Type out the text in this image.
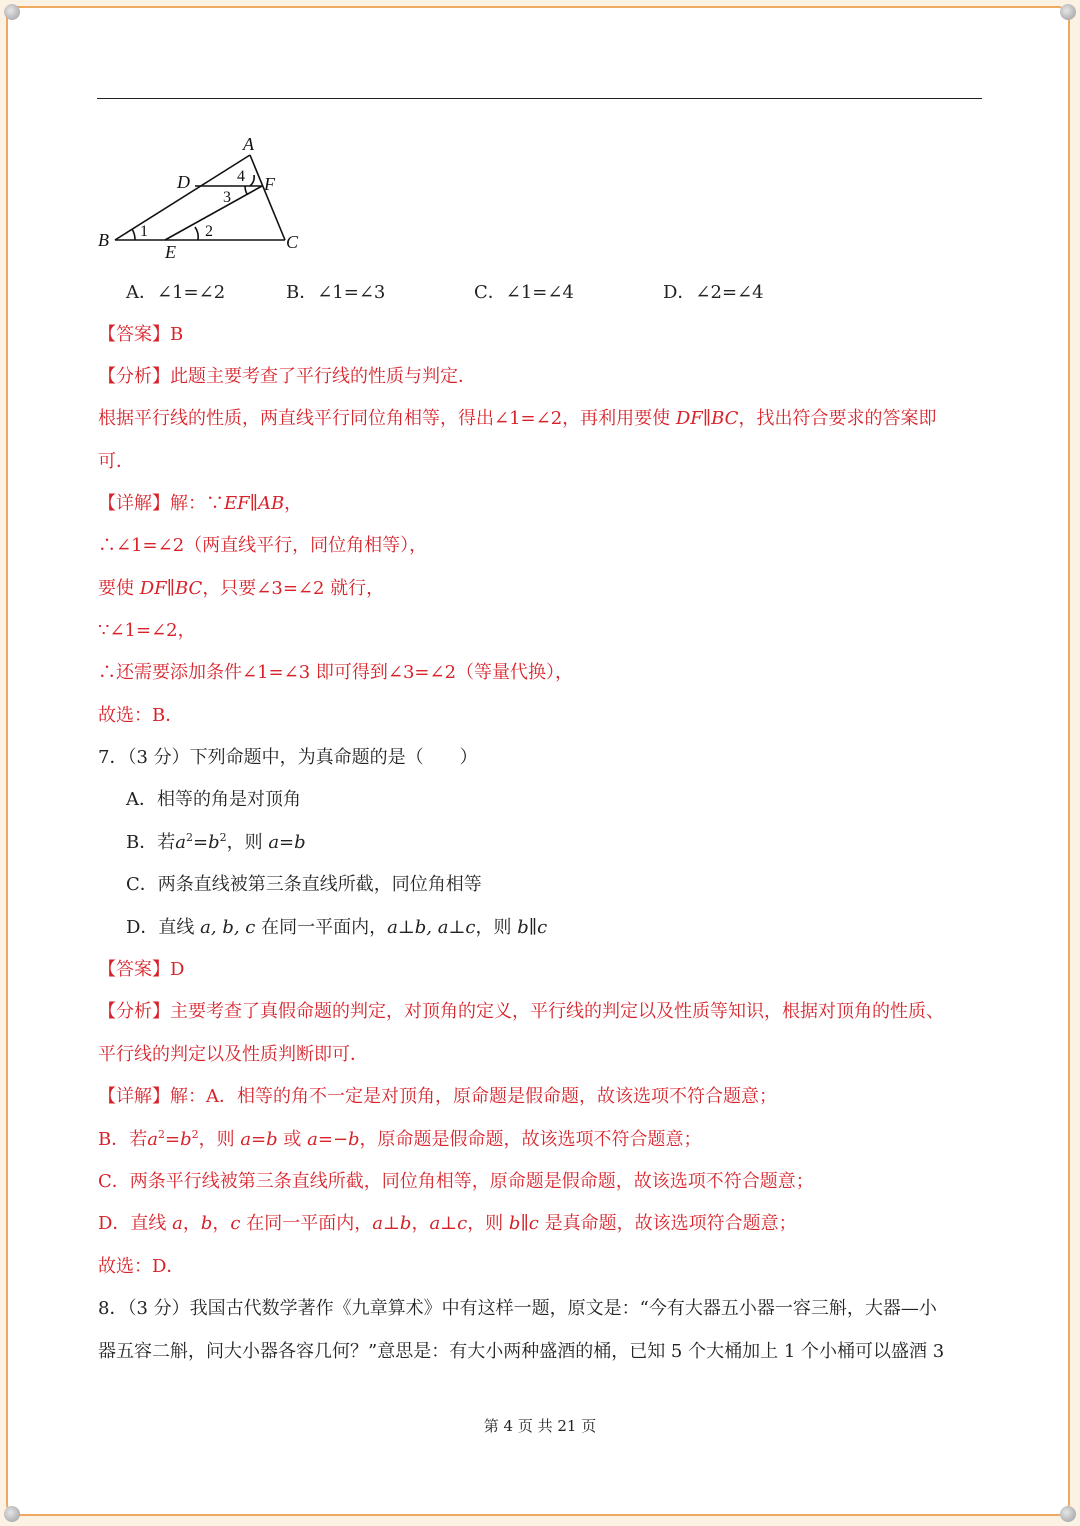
A
B	C
D
E
F
1	2
3
4
A．∠1=∠2	B．∠1=∠3	C．∠1=∠4	D．∠2=∠4
【答案】B
【分析】此题主要考查了平行线的性质与判定．
根据平行线的性质，两直线平行同位角相等，得出∠1=∠2，再利用要使 DF∥BC，找出符合要求的答案即
可．
【详解】解：∵EF∥AB，
∴∠1=∠2（两直线平行，同位角相等），
要使 DF∥BC，只要∠3=∠2 就行，
∵∠1=∠2，
∴还需要添加条件∠1=∠3 即可得到∠3=∠2（等量代换），
故选：B．
7．（3 分）下列命题中，为真命题的是（　　）
A．相等的角是对顶角
B．若$a^2=b^2$，则 a=b
C．两条直线被第三条直线所截，同位角相等
D．直线 a, b, c 在同一平面内，a⊥b, a⊥c，则 b∥c
【答案】D
【分析】主要考查了真假命题的判定，对顶角的定义，平行线的判定以及性质等知识，根据对顶角的性质、
平行线的判定以及性质判断即可．
【详解】解：A．相等的角不一定是对顶角，原命题是假命题，故该选项不符合题意；
B．若$a^2=b^2$，则 a=b 或 a=−b，原命题是假命题，故该选项不符合题意；
C．两条平行线被第三条直线所截，同位角相等，原命题是假命题，故该选项不符合题意；
D．直线 a，b，c 在同一平面内，a⊥b，a⊥c，则 b∥c 是真命题，故该选项符合题意；
故选：D．
8．（3 分）我国古代数学著作《九章算术》中有这样一题，原文是：“今有大器五小器一容三斛，大器—小
器五容二斛，问大小器各容几何？”意思是：有大小两种盛酒的桶，已知 5 个大桶加上 1 个小桶可以盛酒 3
第 4 页 共 21 页
